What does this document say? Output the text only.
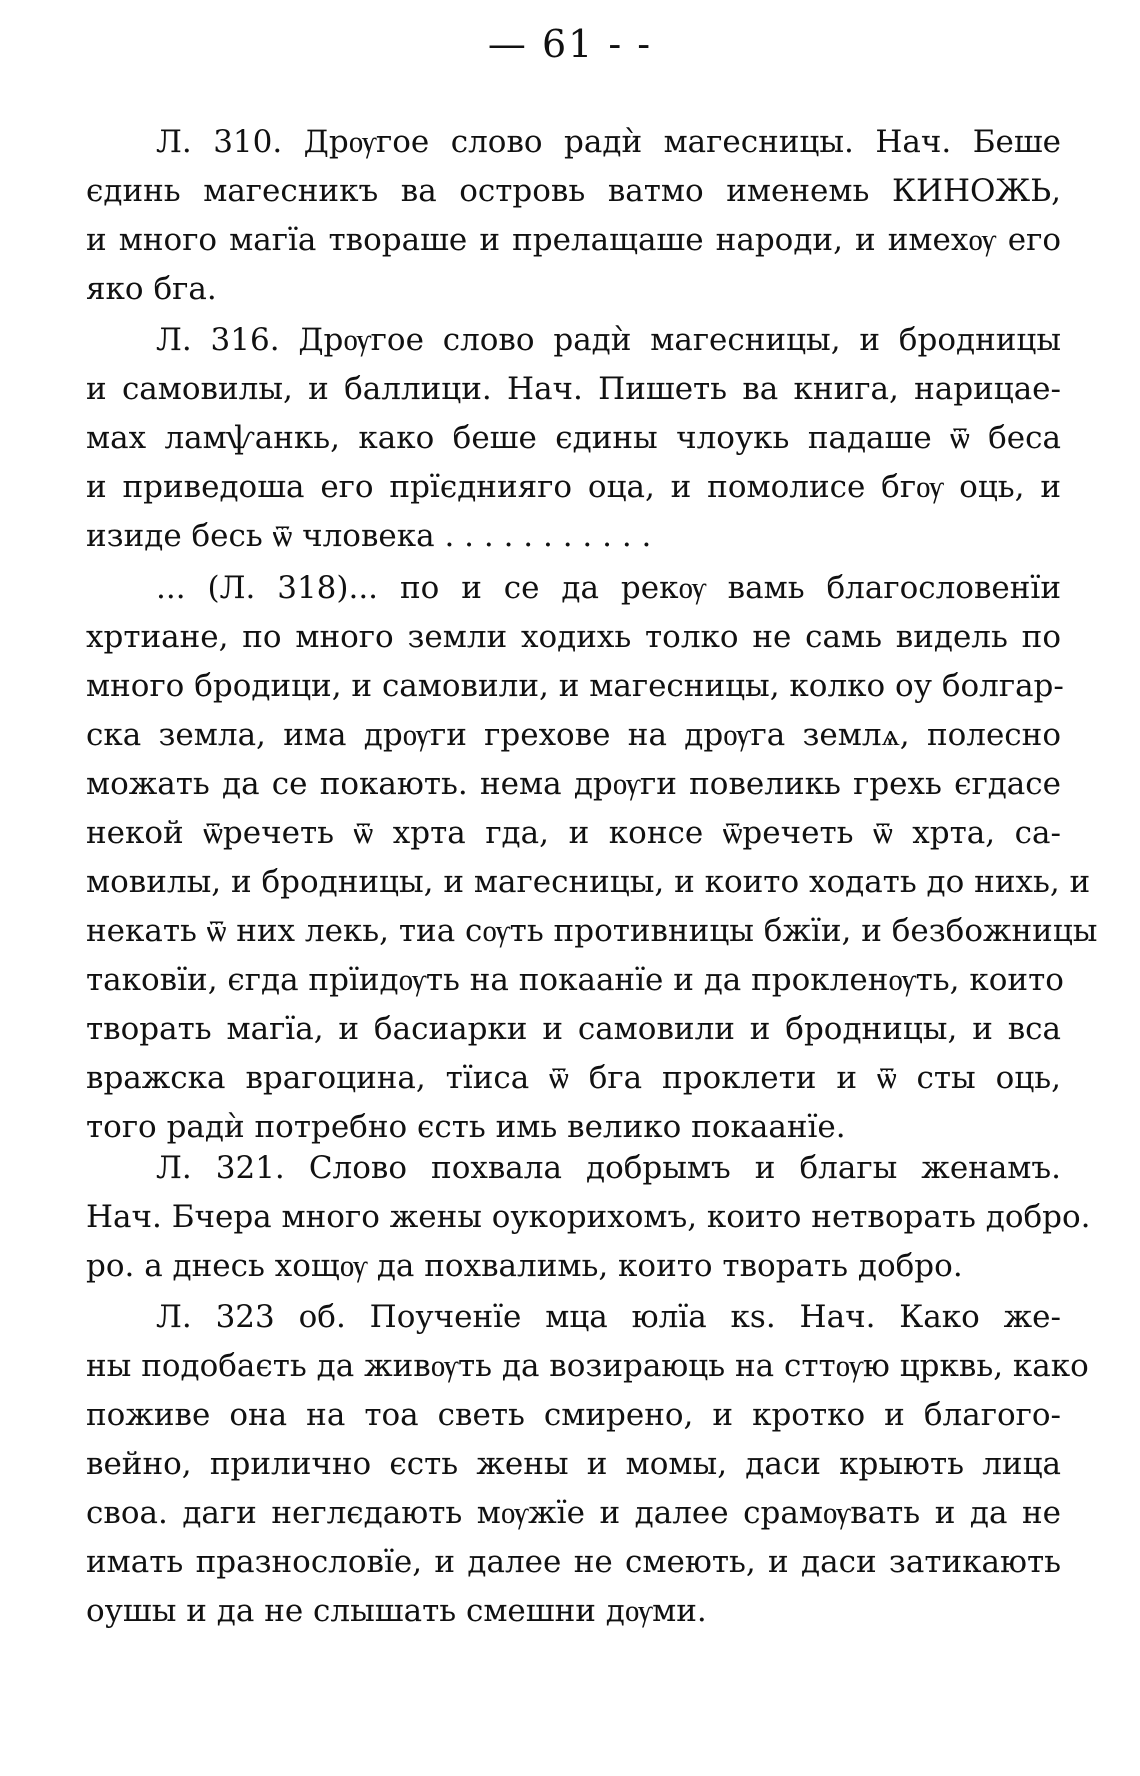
— 61 - -
Л. 310. Дрѹгое слово радѝ магесницы. Нач. Беше
єдинь магесникъ ва островь ватмо именемь КИНОЖЬ,
и много магїа твораше и прелащаше народи, и имехѹ его
яко бга.
Л. 316. Дрѹгое слово радѝ магесницы, и бродницы
и самовилы, и баллици. Нач. Пишеть ва книга, нарицае-
мах ламѱанкь, како беше єдины члоукь падаше ѿ беса
и приведоша его прїєднияго оца, и помолисе бгѹ оць, и
изиде бесь ѿ чловека . . . . . . . . . . .
... (Л. 318)... по и се да рекѹ вамь благословенїи
хртиане, по много земли ходихь толко не самь видель по
много бродици, и самовили, и магесницы, колко оу болгар-
ска земла, има дрѹги грехове на дрѹга землѧ, полесно
можать да се покають. нема дрѹги повеликь грехь єгдасе
некой ѿречеть ѿ хрта гда, и консе ѿречеть ѿ хрта, са-
мовилы, и бродницы, и магесницы, и които ходать до нихь, и
некать ѿ них лекь, тиа сѹть противницы бжїи, и безбожницы
таковїи, єгда прїидѹть на покаанїе и да прокленѹть, които
творать магїа, и басиарки и самовили и бродницы, и вса
вражска врагоцина, тїиса ѿ бга проклети и ѿ сты оць,
того радѝ потребно єсть имь велико покаанїе.
Л. 321. Слово похвала добрымъ и благы женамъ.
Нач. Бчера много жены оукорихомъ, които нетворать добро.
ро. а днесь хощѹ да похвалимь, които творать добро.
Л. 323 об. Поученїе мца юлїа кѕ. Нач. Како же-
ны подобаєть да живѹть да возираюць на сттѹю црквь, како
поживе она на тоа светь смирено, и кротко и благого-
вейно, прилично єсть жены и момы, даси крыють лица
своа. даги неглєдають мѹжїе и далее срамѹвать и да не
имать празнословїе, и далее не смеють, и даси затикають
оушы и да не слышать смешни дѹми.
